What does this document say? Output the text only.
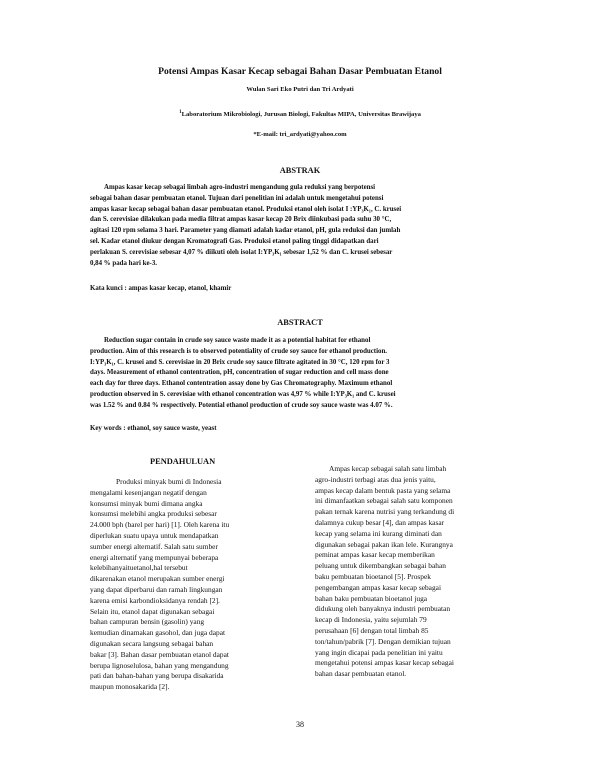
Potensi Ampas Kasar Kecap sebagai Bahan Dasar Pembuatan Etanol
Wulan Sari Eko Putri dan Tri Ardyati
$^1$Laboratorium Mikrobiologi, Jurusan Biologi, Fakultas MIPA, Universitas Brawijaya
*E-mail: tri_ardyati@yahoo.com
ABSTRAK
Ampas kasar kecap sebagai limbah agro-industri mengandung gula reduksi yang berpotensi
sebagai bahan dasar pembuatan etanol. Tujuan dari penelitian ini adalah untuk mengetahui potensi
ampas kasar kecap sebagai bahan dasar pembuatan etanol. Produksi etanol oleh isolat I :YP₃K₁, C. krusei
dan S. cerevisiae dilakukan pada media filtrat ampas kasar kecap 20 Brix diinkubasi pada suhu 30 °C,
agitasi 120 rpm selama 3 hari. Parameter yang diamati adalah kadar etanol, pH, gula reduksi dan jumlah
sel. Kadar etanol diukur dengan Kromatografi Gas. Produksi etanol paling tinggi didapatkan dari
perlakuan S. cerevisiae sebesar 4,07 % diikuti oleh isolat I:YP₃K₁ sebesar 1,52 % dan C. krusei sebesar
0,84 % pada hari ke-3.
Kata kunci : ampas kasar kecap, etanol, khamir
ABSTRACT
Reduction sugar contain in crude soy sauce waste made it as a potential habitat for ethanol
production. Aim of this research is to observed potentiality of crude soy sauce for ethanol production.
I:YP₃K₁, C. krusei and S. cerevisiae in 20 Brix crude soy sauce filtrate agitated in 30 °C, 120 rpm for 3
days. Measurement of ethanol contentration, pH, concentration of sugar reduction and cell mass done
each day for three days. Ethanol contentration assay done by Gas Chromatography. Maximum ethanol
production observed in S. cerevisiae with ethanol concentration was 4,97 % while I:YP₃K₁ and C. krusei
was 1.52 % and 0.84 % respectively. Potential ethanol production of crude soy sauce waste was 4.07 %.
Key words : ethanol, soy sauce waste, yeast
PENDAHULUAN
Produksi minyak bumi di Indonesia
mengalami kesenjangan negatif dengan
konsumsi minyak bumi dimana angka
konsumsi melebihi angka produksi sebesar
24.000 bph (barel per hari) [1]. Oleh karena itu
diperlukan suatu upaya untuk mendapatkan
sumber energi alternatif. Salah satu sumber
energi alternatif yang mempunyai beberapa
kelebihanyaituetanol,hal tersebut
dikarenakan etanol merupakan sumber energi
yang dapat diperbarui dan ramah lingkungan
karena emisi karbondioksidanya rendah [2].
Selain itu, etanol dapat digunakan sebagai
bahan campuran bensin (gasolin) yang
kemudian dinamakan gasohol, dan juga dapat
digunakan secara langsung sebagai bahan
bakar [3]. Bahan dasar pembuatan etanol dapat
berupa lignoselulosa, bahan yang mengandung
pati dan bahan-bahan yang berupa disakarida
maupun monosakarida [2].
Ampas kecap sebagai salah satu limbah
agro-industri terbagi atas dua jenis yaitu,
ampas kecap dalam bentuk pasta yang selama
ini dimanfaatkan sebagai salah satu komponen
pakan ternak karena nutrisi yang terkandung di
dalamnya cukup besar [4], dan ampas kasar
kecap yang selama ini kurang diminati dan
digunakan sebagai pakan ikan lele. Kurangnya
peminat ampas kasar kecap memberikan
peluang untuk dikembangkan sebagai bahan
baku pembuatan bioetanol [5]. Prospek
pengembangan ampas kasar kecap sebagai
bahan baku pembuatan bioetanol juga
didukung oleh banyaknya industri pembuatan
kecap di Indonesia, yaitu sejumlah 79
perusahaan [6] dengan total limbah 85
ton/tahun/pabrik [7]. Dengan demikian tujuan
yang ingin dicapai pada penelitian ini yaitu
mengetahui potensi ampas kasar kecap sebagai
bahan dasar pembuatan etanol.
38
